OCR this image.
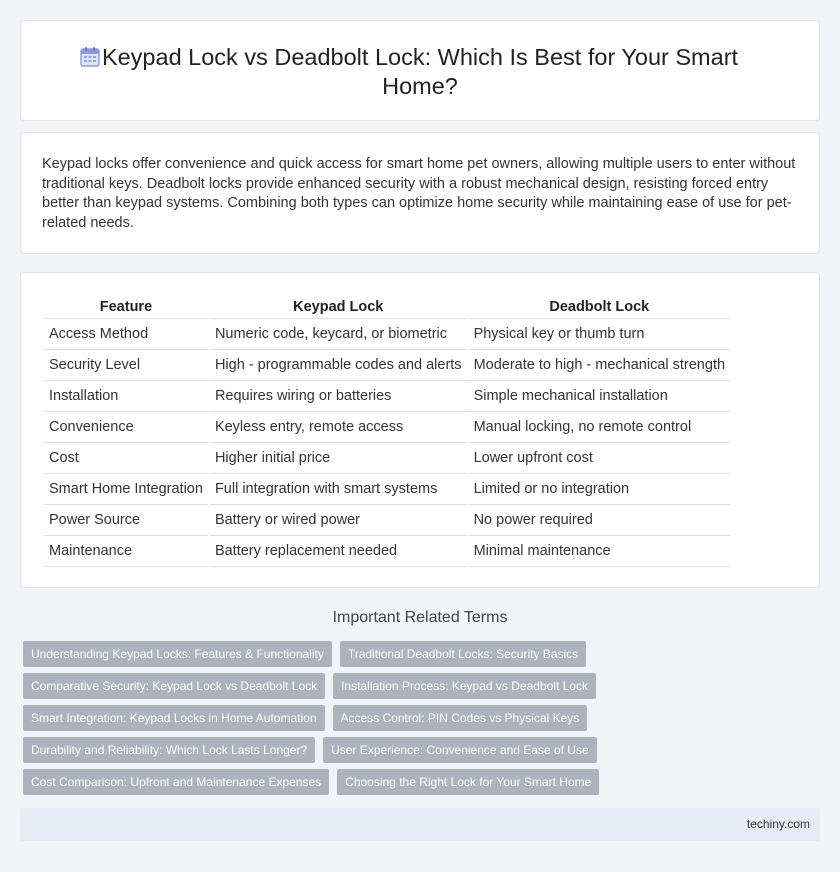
Keypad Lock vs Deadbolt Lock: Which Is Best for Your Smart Home?

Keypad locks offer convenience and quick access for smart home pet owners, allowing multiple users to enter without traditional keys. Deadbolt locks provide enhanced security with a robust mechanical design, resisting forced entry better than keypad systems. Combining both types can optimize home security while maintaining ease of use for pet-related needs.

Feature	Keypad Lock	Deadbolt Lock
Access Method	Numeric code, keycard, or biometric	Physical key or thumb turn
Security Level	High - programmable codes and alerts	Moderate to high - mechanical strength
Installation	Requires wiring or batteries	Simple mechanical installation
Convenience	Keyless entry, remote access	Manual locking, no remote control
Cost	Higher initial price	Lower upfront cost
Smart Home Integration	Full integration with smart systems	Limited or no integration
Power Source	Battery or wired power	No power required
Maintenance	Battery replacement needed	Minimal maintenance
Important Related Terms
Understanding Keypad Locks: Features & Functionality	Traditional Deadbolt Locks: Security Basics
Comparative Security: Keypad Lock vs Deadbolt Lock	Installation Process: Keypad vs Deadbolt Lock
Smart Integration: Keypad Locks in Home Automation	Access Control: PIN Codes vs Physical Keys
Durability and Reliability: Which Lock Lasts Longer?	User Experience: Convenience and Ease of Use
Cost Comparison: Upfront and Maintenance Expenses	Choosing the Right Lock for Your Smart Home
techiny.com
